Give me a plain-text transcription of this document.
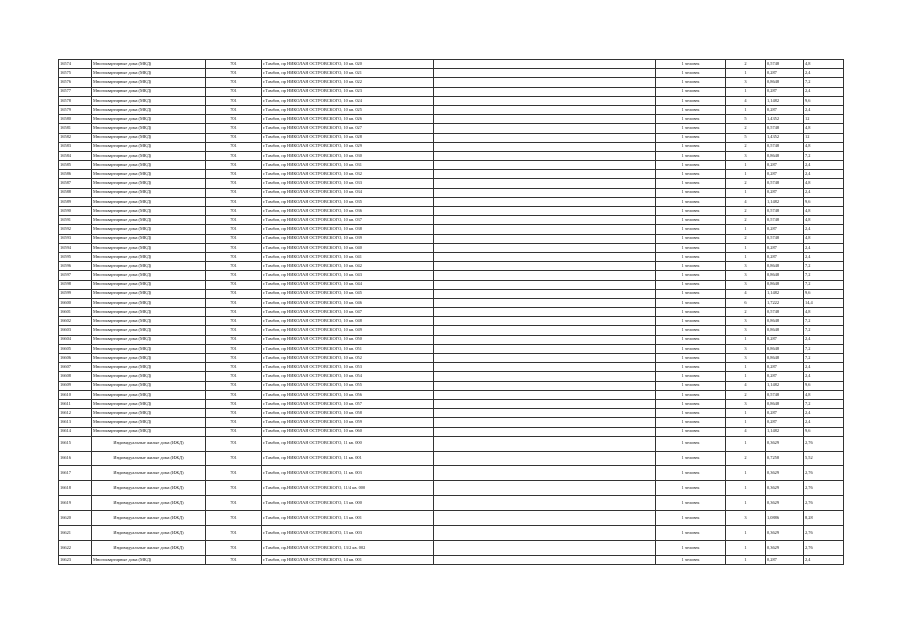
16574	Многоквартирные дома (МКД)	701	г.Тамбов, пр НИКОЛАЯ ОСТРОВСКОГО, 10 кв. 020		1 человек	2	0,5748	4,8
16575	Многоквартирные дома (МКД)	701	г.Тамбов, пр НИКОЛАЯ ОСТРОВСКОГО, 10 кв. 021		1 человек	1	0,287	2,4
16576	Многоквартирные дома (МКД)	701	г.Тамбов, пр НИКОЛАЯ ОСТРОВСКОГО, 10 кв. 022		1 человек	3	0,8648	7,2
16577	Многоквартирные дома (МКД)	701	г.Тамбов, пр НИКОЛАЯ ОСТРОВСКОГО, 10 кв. 023		1 человек	1	0,287	2,4
16578	Многоквартирные дома (МКД)	701	г.Тамбов, пр НИКОЛАЯ ОСТРОВСКОГО, 10 кв. 024		1 человек	4	1,1482	9,6
16579	Многоквартирные дома (МКД)	701	г.Тамбов, пр НИКОЛАЯ ОСТРОВСКОГО, 10 кв. 025		1 человек	1	0,287	2,4
16580	Многоквартирные дома (МКД)	701	г.Тамбов, пр НИКОЛАЯ ОСТРОВСКОГО, 10 кв. 026		1 человек	5	1,4352	12
16581	Многоквартирные дома (МКД)	701	г.Тамбов, пр НИКОЛАЯ ОСТРОВСКОГО, 10 кв. 027		1 человек	2	0,5748	4,8
16582	Многоквартирные дома (МКД)	701	г.Тамбов, пр НИКОЛАЯ ОСТРОВСКОГО, 10 кв. 028		1 человек	5	1,4352	12
16583	Многоквартирные дома (МКД)	701	г.Тамбов, пр НИКОЛАЯ ОСТРОВСКОГО, 10 кв. 029		1 человек	2	0,5748	4,8
16584	Многоквартирные дома (МКД)	701	г.Тамбов, пр НИКОЛАЯ ОСТРОВСКОГО, 10 кв. 030		1 человек	3	0,8648	7,2
16585	Многоквартирные дома (МКД)	701	г.Тамбов, пр НИКОЛАЯ ОСТРОВСКОГО, 10 кв. 031		1 человек	1	0,287	2,4
16586	Многоквартирные дома (МКД)	701	г.Тамбов, пр НИКОЛАЯ ОСТРОВСКОГО, 10 кв. 032		1 человек	1	0,287	2,4
16587	Многоквартирные дома (МКД)	701	г.Тамбов, пр НИКОЛАЯ ОСТРОВСКОГО, 10 кв. 033		1 человек	2	0,5748	4,8
16588	Многоквартирные дома (МКД)	701	г.Тамбов, пр НИКОЛАЯ ОСТРОВСКОГО, 10 кв. 034		1 человек	1	0,287	2,4
16589	Многоквартирные дома (МКД)	701	г.Тамбов, пр НИКОЛАЯ ОСТРОВСКОГО, 10 кв. 035		1 человек	4	1,1482	9,6
16590	Многоквартирные дома (МКД)	701	г.Тамбов, пр НИКОЛАЯ ОСТРОВСКОГО, 10 кв. 036		1 человек	2	0,5748	4,8
16591	Многоквартирные дома (МКД)	701	г.Тамбов, пр НИКОЛАЯ ОСТРОВСКОГО, 10 кв. 037		1 человек	2	0,5748	4,8
16592	Многоквартирные дома (МКД)	701	г.Тамбов, пр НИКОЛАЯ ОСТРОВСКОГО, 10 кв. 038		1 человек	1	0,287	2,4
16593	Многоквартирные дома (МКД)	701	г.Тамбов, пр НИКОЛАЯ ОСТРОВСКОГО, 10 кв. 039		1 человек	2	0,5748	4,8
16594	Многоквартирные дома (МКД)	701	г.Тамбов, пр НИКОЛАЯ ОСТРОВСКОГО, 10 кв. 040		1 человек	1	0,287	2,4
16595	Многоквартирные дома (МКД)	701	г.Тамбов, пр НИКОЛАЯ ОСТРОВСКОГО, 10 кв. 041		1 человек	1	0,287	2,4
16596	Многоквартирные дома (МКД)	701	г.Тамбов, пр НИКОЛАЯ ОСТРОВСКОГО, 10 кв. 042		1 человек	3	0,8648	7,2
16597	Многоквартирные дома (МКД)	701	г.Тамбов, пр НИКОЛАЯ ОСТРОВСКОГО, 10 кв. 043		1 человек	3	0,8648	7,2
16598	Многоквартирные дома (МКД)	701	г.Тамбов, пр НИКОЛАЯ ОСТРОВСКОГО, 10 кв. 044		1 человек	3	0,8648	7,2
16599	Многоквартирные дома (МКД)	701	г.Тамбов, пр НИКОЛАЯ ОСТРОВСКОГО, 10 кв. 045		1 человек	4	1,1482	9,6
16600	Многоквартирные дома (МКД)	701	г.Тамбов, пр НИКОЛАЯ ОСТРОВСКОГО, 10 кв. 046		1 человек	6	1,7222	14,4
16601	Многоквартирные дома (МКД)	701	г.Тамбов, пр НИКОЛАЯ ОСТРОВСКОГО, 10 кв. 047		1 человек	2	0,5748	4,8
16602	Многоквартирные дома (МКД)	701	г.Тамбов, пр НИКОЛАЯ ОСТРОВСКОГО, 10 кв. 048		1 человек	3	0,8648	7,2
16603	Многоквартирные дома (МКД)	701	г.Тамбов, пр НИКОЛАЯ ОСТРОВСКОГО, 10 кв. 049		1 человек	3	0,8648	7,2
16604	Многоквартирные дома (МКД)	701	г.Тамбов, пр НИКОЛАЯ ОСТРОВСКОГО, 10 кв. 050		1 человек	1	0,287	2,4
16605	Многоквартирные дома (МКД)	701	г.Тамбов, пр НИКОЛАЯ ОСТРОВСКОГО, 10 кв. 051		1 человек	3	0,8648	7,2
16606	Многоквартирные дома (МКД)	701	г.Тамбов, пр НИКОЛАЯ ОСТРОВСКОГО, 10 кв. 052		1 человек	3	0,8648	7,2
16607	Многоквартирные дома (МКД)	701	г.Тамбов, пр НИКОЛАЯ ОСТРОВСКОГО, 10 кв. 053		1 человек	1	0,287	2,4
16608	Многоквартирные дома (МКД)	701	г.Тамбов, пр НИКОЛАЯ ОСТРОВСКОГО, 10 кв. 054		1 человек	1	0,287	2,4
16609	Многоквартирные дома (МКД)	701	г.Тамбов, пр НИКОЛАЯ ОСТРОВСКОГО, 10 кв. 055		1 человек	4	1,1482	9,6
16610	Многоквартирные дома (МКД)	701	г.Тамбов, пр НИКОЛАЯ ОСТРОВСКОГО, 10 кв. 056		1 человек	2	0,5748	4,8
16611	Многоквартирные дома (МКД)	701	г.Тамбов, пр НИКОЛАЯ ОСТРОВСКОГО, 10 кв. 057		1 человек	3	0,8648	7,2
16612	Многоквартирные дома (МКД)	701	г.Тамбов, пр НИКОЛАЯ ОСТРОВСКОГО, 10 кв. 058		1 человек	1	0,287	2,4
16613	Многоквартирные дома (МКД)	701	г.Тамбов, пр НИКОЛАЯ ОСТРОВСКОГО, 10 кв. 059		1 человек	1	0,287	2,4
16614	Многоквартирные дома (МКД)	701	г.Тамбов, пр НИКОЛАЯ ОСТРОВСКОГО, 10 кв. 060		1 человек	4	1,1482	9,6
16615	Индивидуальные жилые дома (ИЖД)	701	г.Тамбов, пр НИКОЛАЯ ОСТРОВСКОГО, 11 кв. 000		1 человек	1	0,3629	2,76
16616	Индивидуальные жилые дома (ИЖД)	701	г.Тамбов, пр НИКОЛАЯ ОСТРОВСКОГО, 11 кв. 001		1 человек	2	0,7258	5,52
16617	Индивидуальные жилые дома (ИЖД)	701	г.Тамбов, пр НИКОЛАЯ ОСТРОВСКОГО, 11 кв. 003		1 человек	1	0,3629	2,76
16618	Индивидуальные жилые дома (ИЖД)	701	г.Тамбов, пр.НИКОЛАЯ ОСТРОВСКОГО, 11/4 кв. 000		1 человек	1	0,3629	2,76
16619	Индивидуальные жилые дома (ИЖД)	701	г.Тамбов, пр НИКОЛАЯ ОСТРОВСКОГО, 13 кв. 000		1 человек	1	0,3629	2,76
16620	Индивидуальные жилые дома (ИЖД)	701	г.Тамбов, пр НИКОЛАЯ ОСТРОВСКОГО, 13 кв. 001		1 человек	3	1,0886	8,28
16621	Индивидуальные жилые дома (ИЖД)	701	г.Тамбов, пр НИКОЛАЯ ОСТРОВСКОГО, 13 кв. 003		1 человек	1	0,3629	2,76
16622	Индивидуальные жилые дома (ИЖД)	701	г.Тамбов, пр.НИКОЛАЯ ОСТРОВСКОГО, 13/2 кв. 002		1 человек	1	0,3629	2,76
16623	Многоквартирные дома (МКД)	701	г.Тамбов, пр НИКОЛАЯ ОСТРОВСКОГО, 14 кв. 001		1 человек	1	0,287	2,4
